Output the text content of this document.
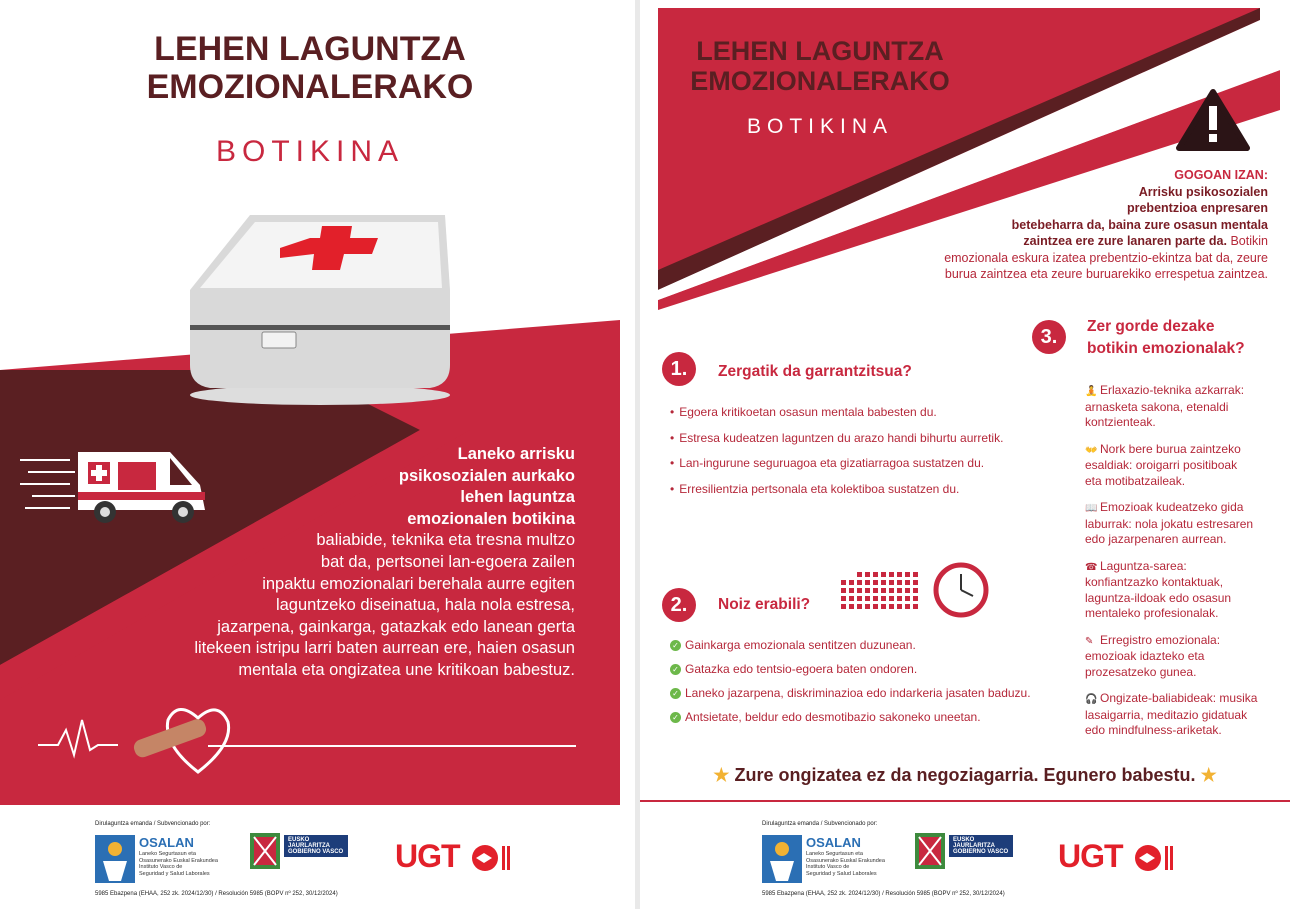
LEHEN LAGUNTZA
EMOZIONALERAKO
BOTIKINA
Laneko arrisku
psikosozialen aurkako
lehen laguntza
emozionalen botikina
baliabide, teknika eta tresna multzo
bat da, pertsonei lan-egoera zailen
inpaktu emozionalari berehala aurre egiten
laguntzeko diseinatua, hala nola estresa,
jazarpena, gainkarga, gatazkak edo lanean gerta
litekeen istripu larri baten aurrean ere, haien osasun
mentala eta ongizatea une kritikoan babestuz.
Dirulaguntza emanda / Subvencionado por:
OSALAN
Laneko Segurtasun eta
Osasunerako Euskal Erakundea
Instituto Vasco de
Seguridad y Salud Laborales
EUSKO JAURLARITZA
GOBIERNO VASCO UGT
5985 Ebazpena (EHAA, 252 zk. 2024/12/30) / Resolución 5985 (BOPV nº 252, 30/12/2024)
LEHEN LAGUNTZA
EMOZIONALERAKO
BOTIKINA
GOGOAN IZAN:
Arrisku psikosozialen
prebentzioa enpresaren
betebeharra da, baina zure osasun mentala
zaintzea ere zure lanaren parte da. Botikin
emozionala eskura izatea prebentzio-ekintza bat da, zeure
burua zaintzea eta zeure buruarekiko errespetua zaintzea.
1.	Zergatik da garrantzitsua?
• Egoera kritikoetan osasun mentala babesten du.
• Estresa kudeatzen laguntzen du arazo handi bihurtu aurretik.
• Lan-ingurune seguruagoa eta gizatiarragoa sustatzen du.
• Erresilientzia pertsonala eta kolektiboa sustatzen du.
2.	Noiz erabili?
✓ Gainkarga emozionala sentitzen duzunean.
✓ Gatazka edo tentsio-egoera baten ondoren.
✓ Laneko jazarpena, diskriminazioa edo indarkeria jasaten baduzu.
✓ Antsietate, beldur edo desmotibazio sakoneko uneetan.
3.	Zer gorde dezake
botikin emozionalak?
🧘 Erlaxazio-teknika azkarrak:
arnasketa sakona, etenaldi
kontzienteak.
👐 Nork bere burua zaintzeko
esaldiak: oroigarri positiboak
eta motibatzaileak.
📖 Emozioak kudeatzeko gida
laburrak: nola jokatu estresaren
edo jazarpenaren aurrean.
☎ Laguntza-sarea:
konfiantzazko kontaktuak,
laguntza-ildoak edo osasun
mentaleko profesionalak.
✎ Erregistro emozionala:
emozioak idazteko eta
prozesatzeko gunea.
🎧 Ongizate-baliabideak: musika
lasaigarria, meditazio gidatuak
edo mindfulness-ariketak.
★ Zure ongizatea ez da negoziagarria. Egunero babestu. ★
Dirulaguntza emanda / Subvencionado por:
OSALAN
Laneko Segurtasun eta
Osasunerako Euskal Erakundea
Instituto Vasco de
Seguridad y Salud Laborales
EUSKO JAURLARITZA
GOBIERNO VASCO UGT
5985 Ebazpena (EHAA, 252 zk. 2024/12/30) / Resolución 5985 (BOPV nº 252, 30/12/2024)
